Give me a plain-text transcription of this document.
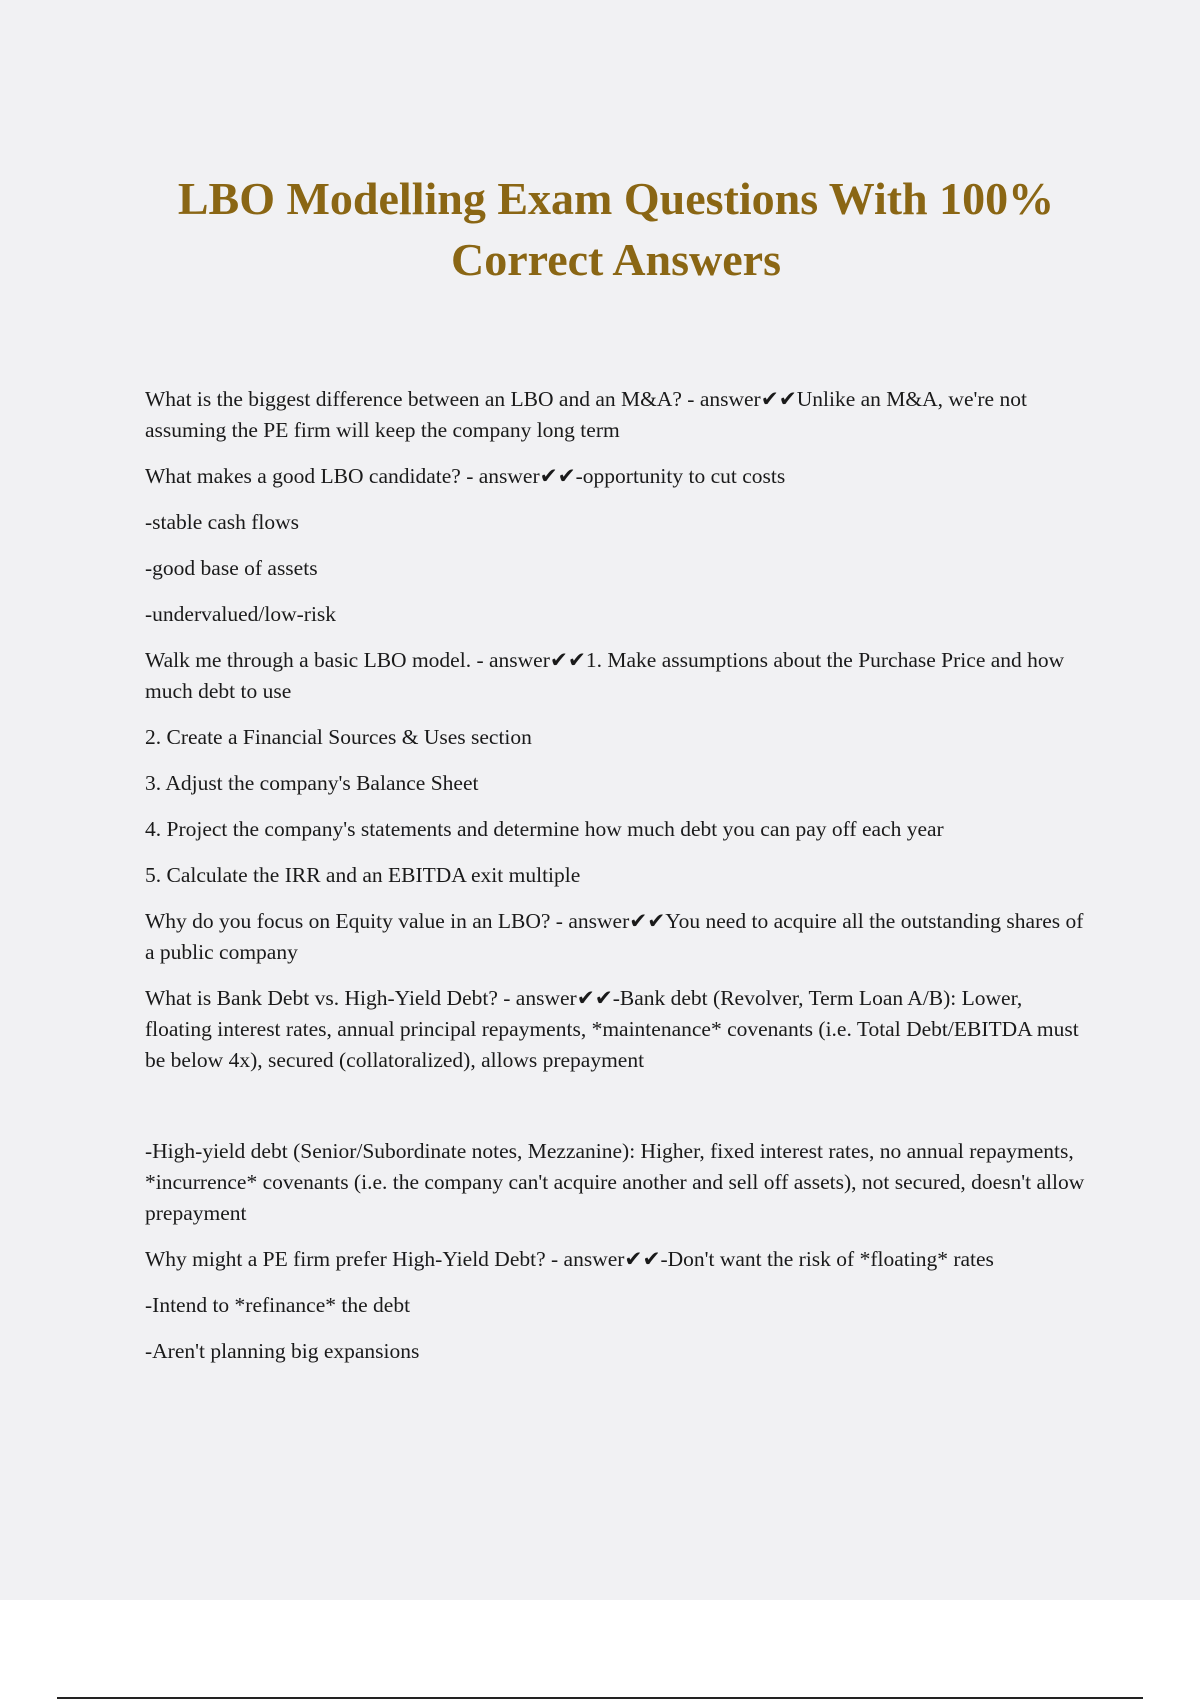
LBO Modelling Exam Questions With 100%
Correct Answers

What is the biggest difference between an LBO and an M&A? - answer✔✔Unlike an M&A, we're not assuming the PE firm will keep the company long term

What makes a good LBO candidate? - answer✔✔-opportunity to cut costs

-stable cash flows

-good base of assets

-undervalued/low-risk

Walk me through a basic LBO model. - answer✔✔1. Make assumptions about the Purchase Price and how much debt to use

2. Create a Financial Sources & Uses section

3. Adjust the company's Balance Sheet

4. Project the company's statements and determine how much debt you can pay off each year

5. Calculate the IRR and an EBITDA exit multiple

Why do you focus on Equity value in an LBO? - answer✔✔You need to acquire all the outstanding shares of a public company

What is Bank Debt vs. High-Yield Debt? - answer✔✔-Bank debt (Revolver, Term Loan A/B): Lower, floating interest rates, annual principal repayments, *maintenance* covenants (i.e. Total Debt/EBITDA must be below 4x), secured (collatoralized), allows prepayment

-High-yield debt (Senior/Subordinate notes, Mezzanine): Higher, fixed interest rates, no annual repayments, *incurrence* covenants (i.e. the company can't acquire another and sell off assets), not secured, doesn't allow prepayment

Why might a PE firm prefer High-Yield Debt? - answer✔✔-Don't want the risk of *floating* rates

-Intend to *refinance* the debt

-Aren't planning big expansions
